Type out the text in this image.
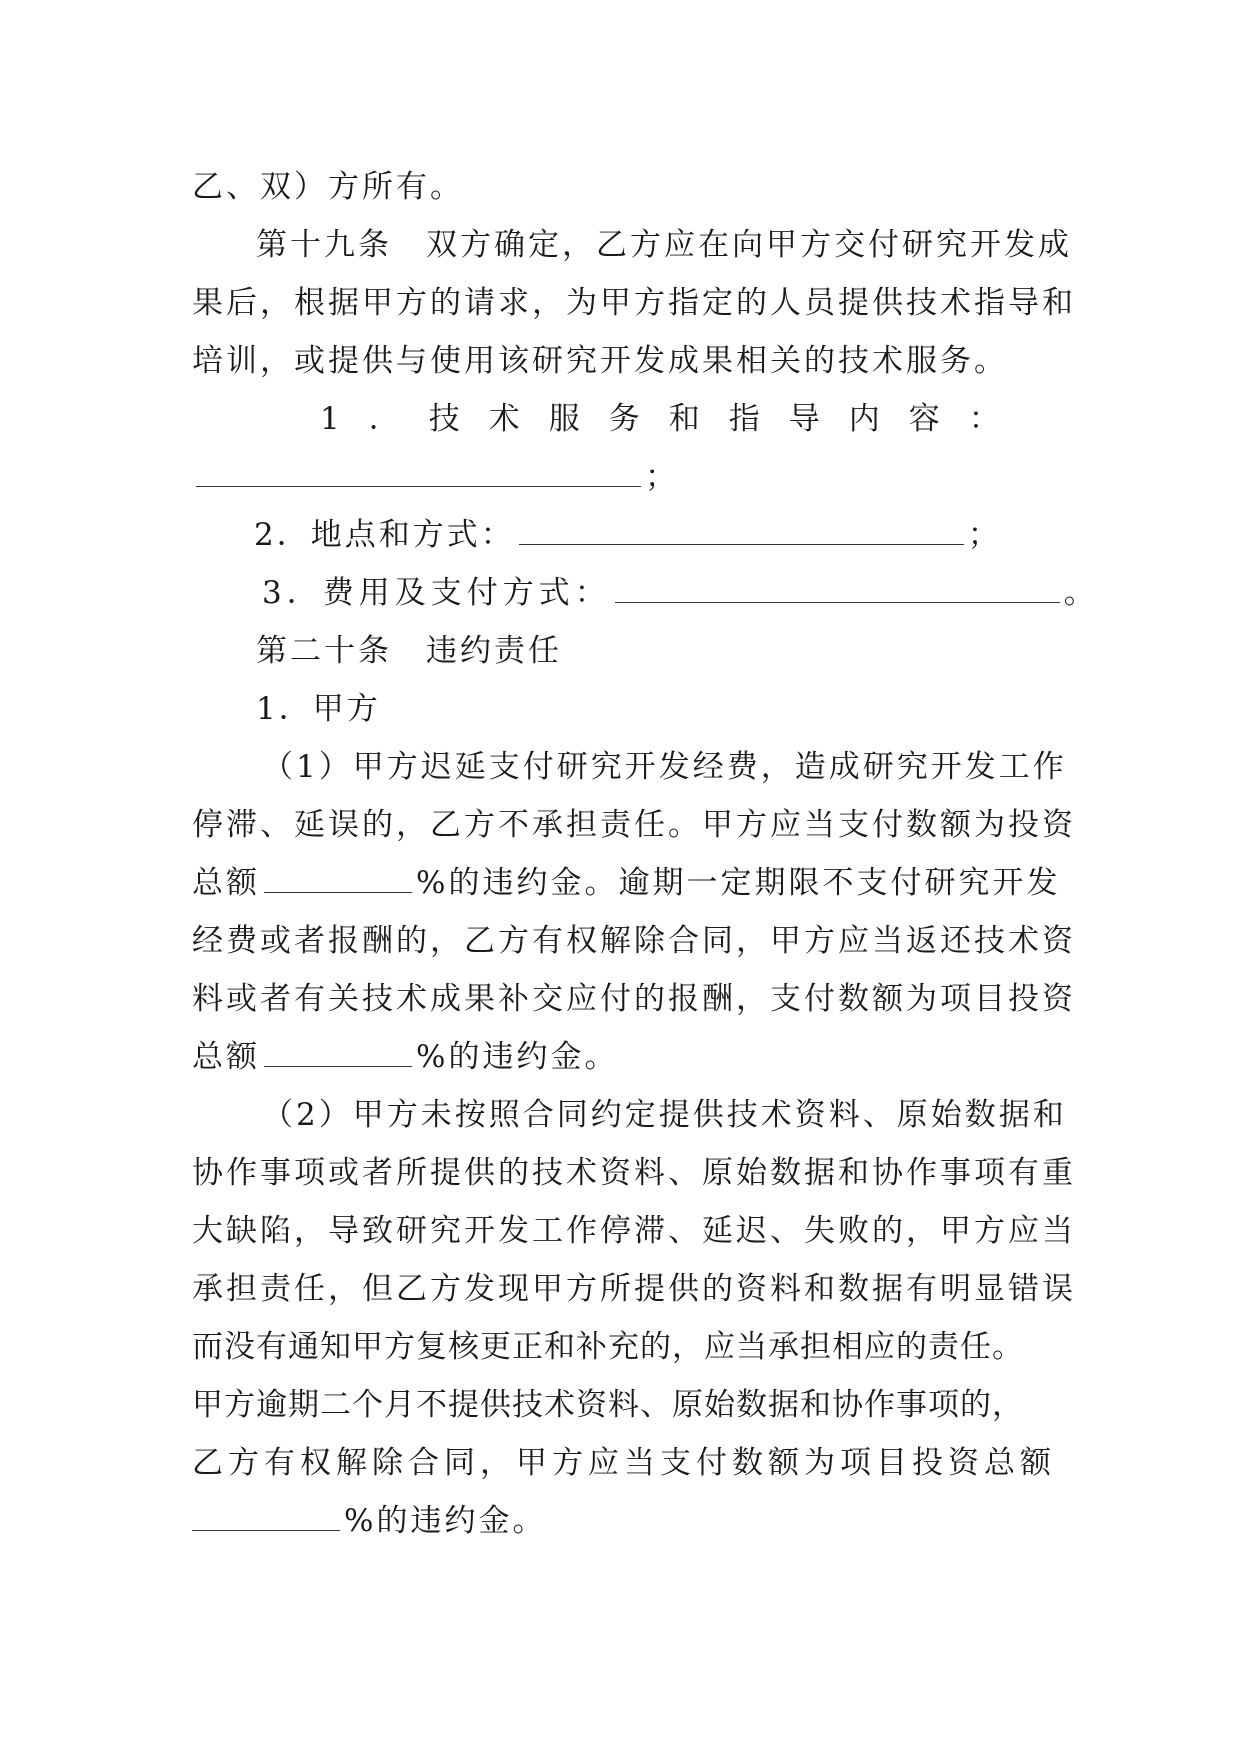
乙、双）方所有。
第十九条　双方确定，乙方应在向甲方交付研究开发成
果后，根据甲方的请求，为甲方指定的人员提供技术指导和
培训，或提供与使用该研究开发成果相关的技术服务。
1．技术服务和指导内容：
；
2．地点和方式：	；
3．费用及支付方式：	。
第二十条　违约责任
1．甲方
（1）甲方迟延支付研究开发经费，造成研究开发工作
停滞、延误的，乙方不承担责任。甲方应当支付数额为投资
总额	%的违约金。逾期一定期限不支付研究开发
经费或者报酬的，乙方有权解除合同，甲方应当返还技术资
料或者有关技术成果补交应付的报酬，支付数额为项目投资
总额	%的违约金。
（2）甲方未按照合同约定提供技术资料、原始数据和
协作事项或者所提供的技术资料、原始数据和协作事项有重
大缺陷，导致研究开发工作停滞、延迟、失败的，甲方应当
承担责任，但乙方发现甲方所提供的资料和数据有明显错误
而没有通知甲方复核更正和补充的，应当承担相应的责任。
甲方逾期二个月不提供技术资料、原始数据和协作事项的，
乙方有权解除合同，甲方应当支付数额为项目投资总额
%的违约金。
